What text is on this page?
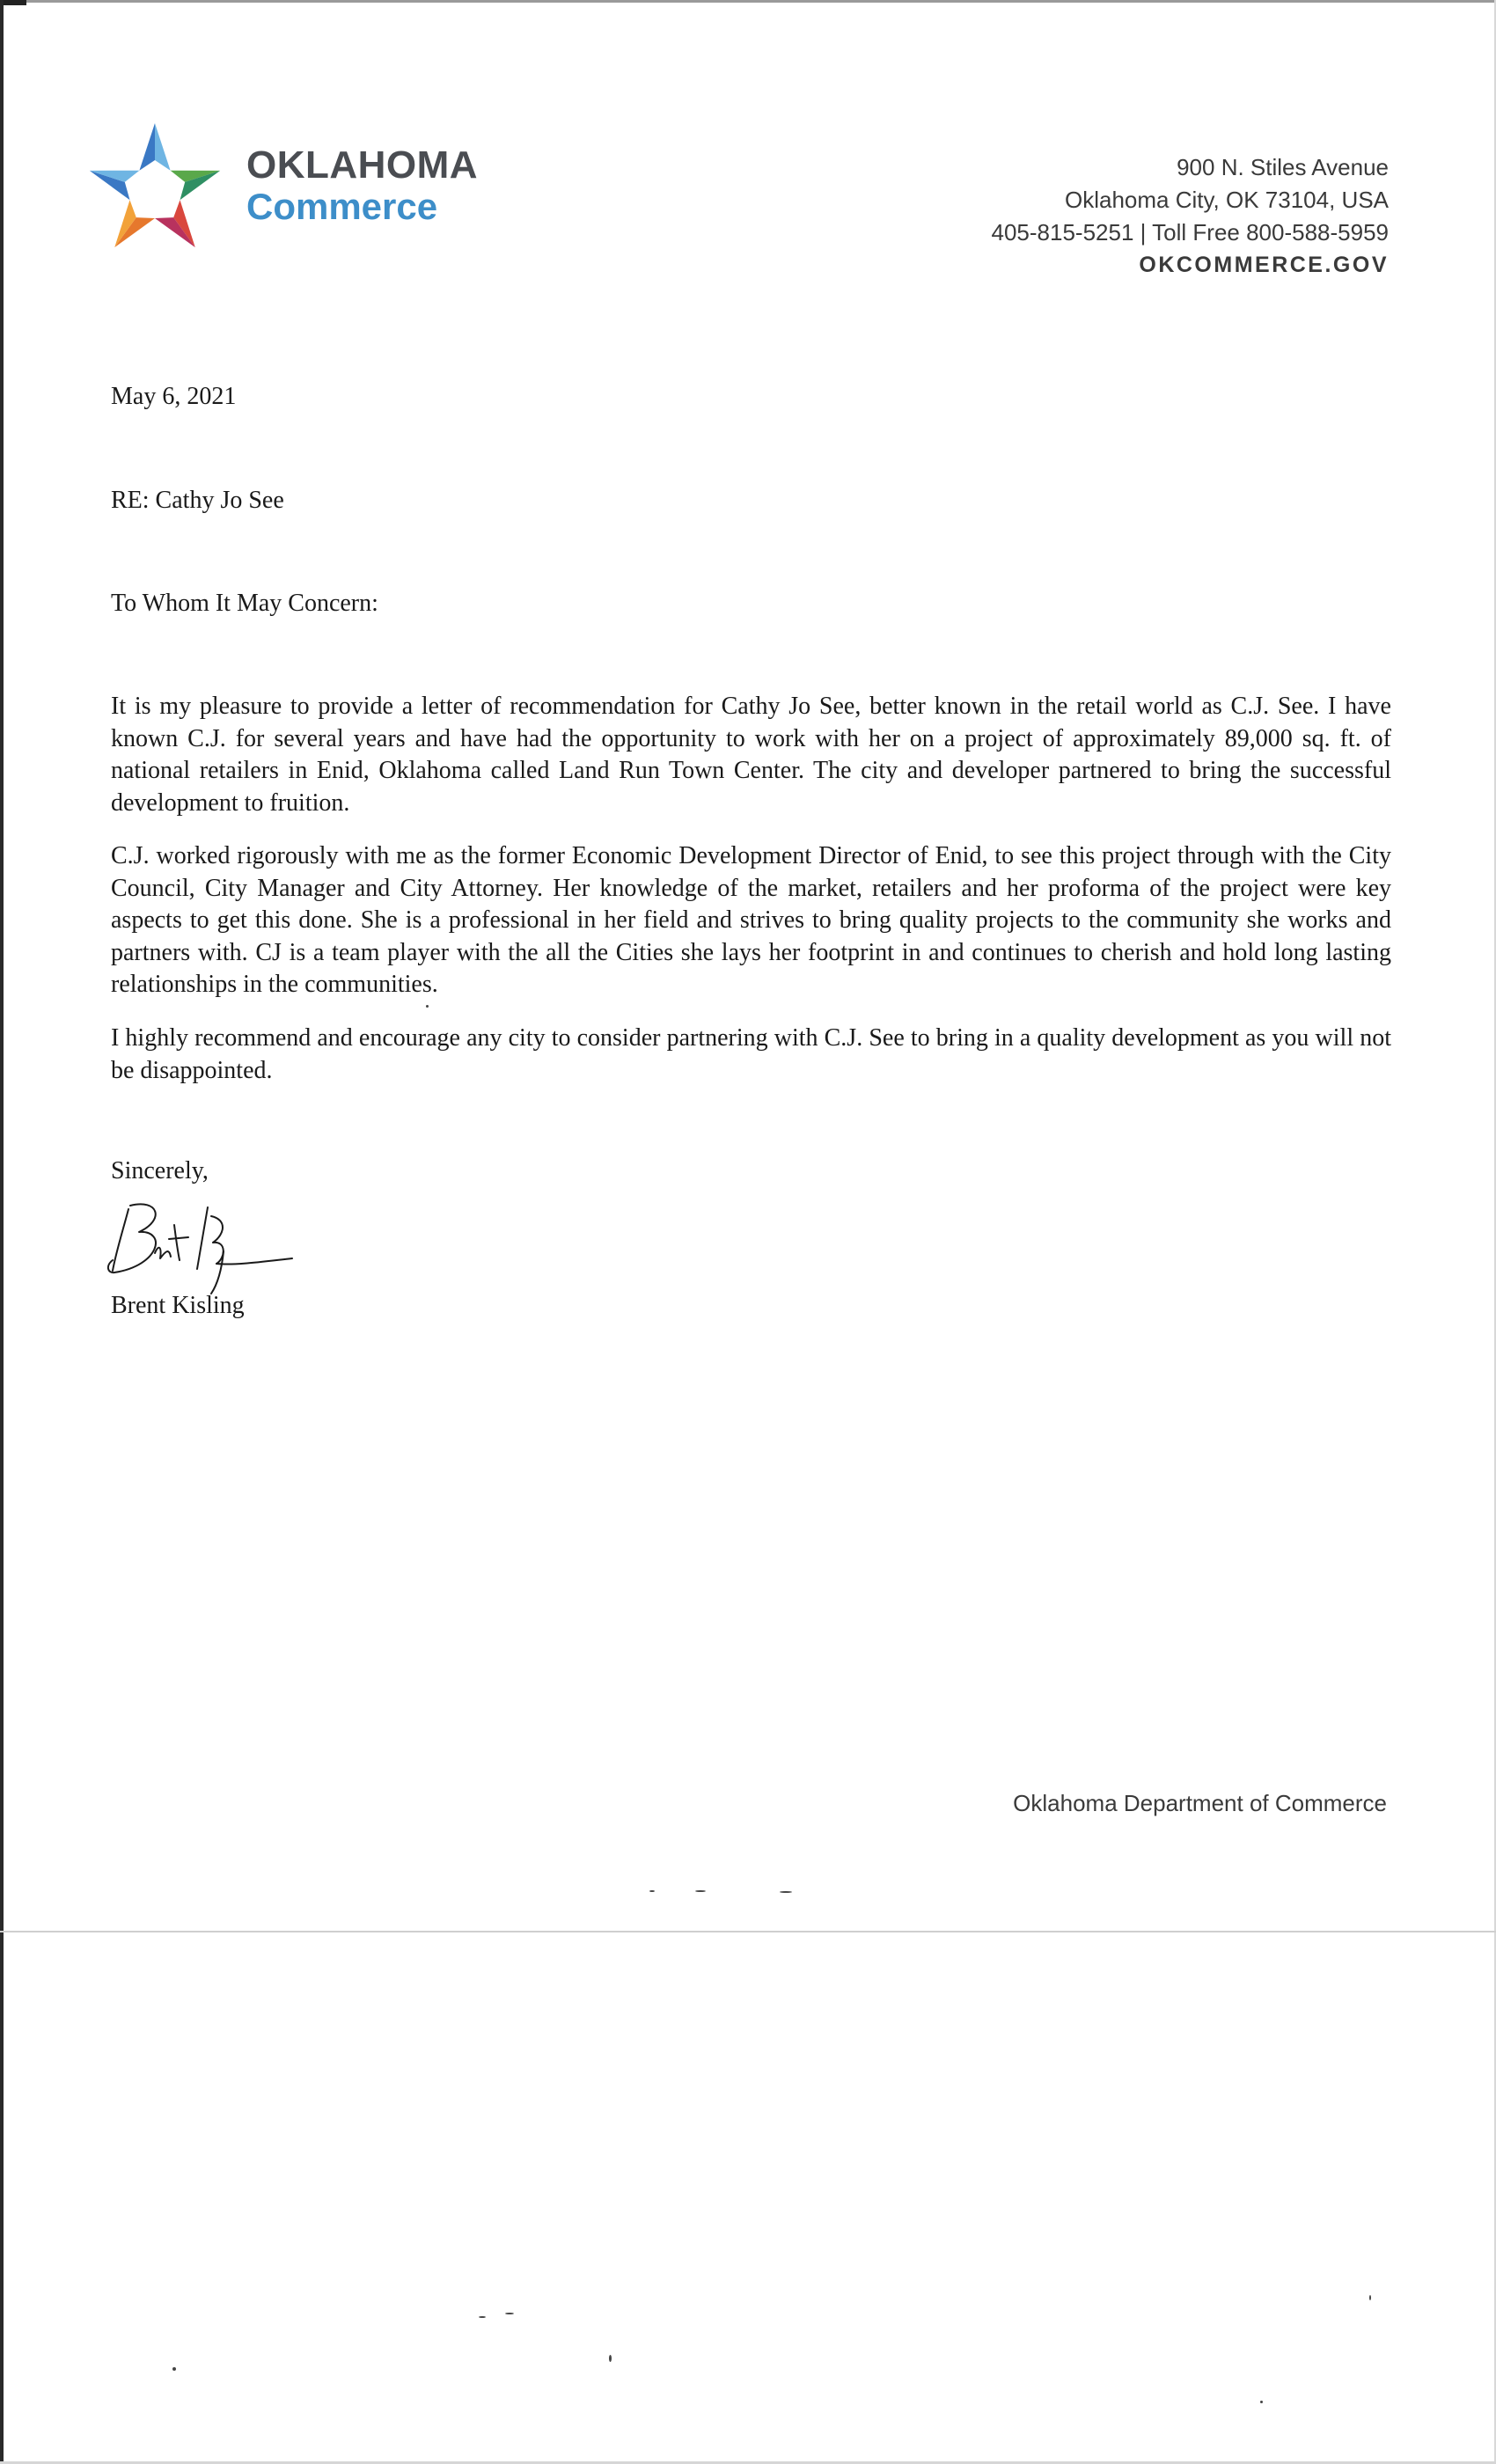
OKLAHOMA
Commerce
900 N. Stiles Avenue
Oklahoma City, OK 73104, USA
405-815-5251 | Toll Free 800-588-5959
OKCOMMERCE.GOV
May 6, 2021
RE: Cathy Jo See
To Whom It May Concern:
It is my pleasure to provide a letter of recommendation for Cathy Jo See, better known in the retail world as C.J. See. I have known C.J. for several years and have had the opportunity to work with her on a project of approximately 89,000 sq. ft. of national retailers in Enid, Oklahoma called Land Run Town Center. The city and developer partnered to bring the successful development to fruition.
C.J. worked rigorously with me as the former Economic Development Director of Enid, to see this project through with the City Council, City Manager and City Attorney. Her knowledge of the market, retailers and her proforma of the project were key aspects to get this done. She is a professional in her field and strives to bring quality projects to the community she works and partners with. CJ is a team player with the all the Cities she lays her footprint in and continues to cherish and hold long lasting relationships in the communities.
I highly recommend and encourage any city to consider partnering with C.J. See to bring in a quality development as you will not be disappointed.
Sincerely,
Brent Kisling
Oklahoma Department of Commerce
